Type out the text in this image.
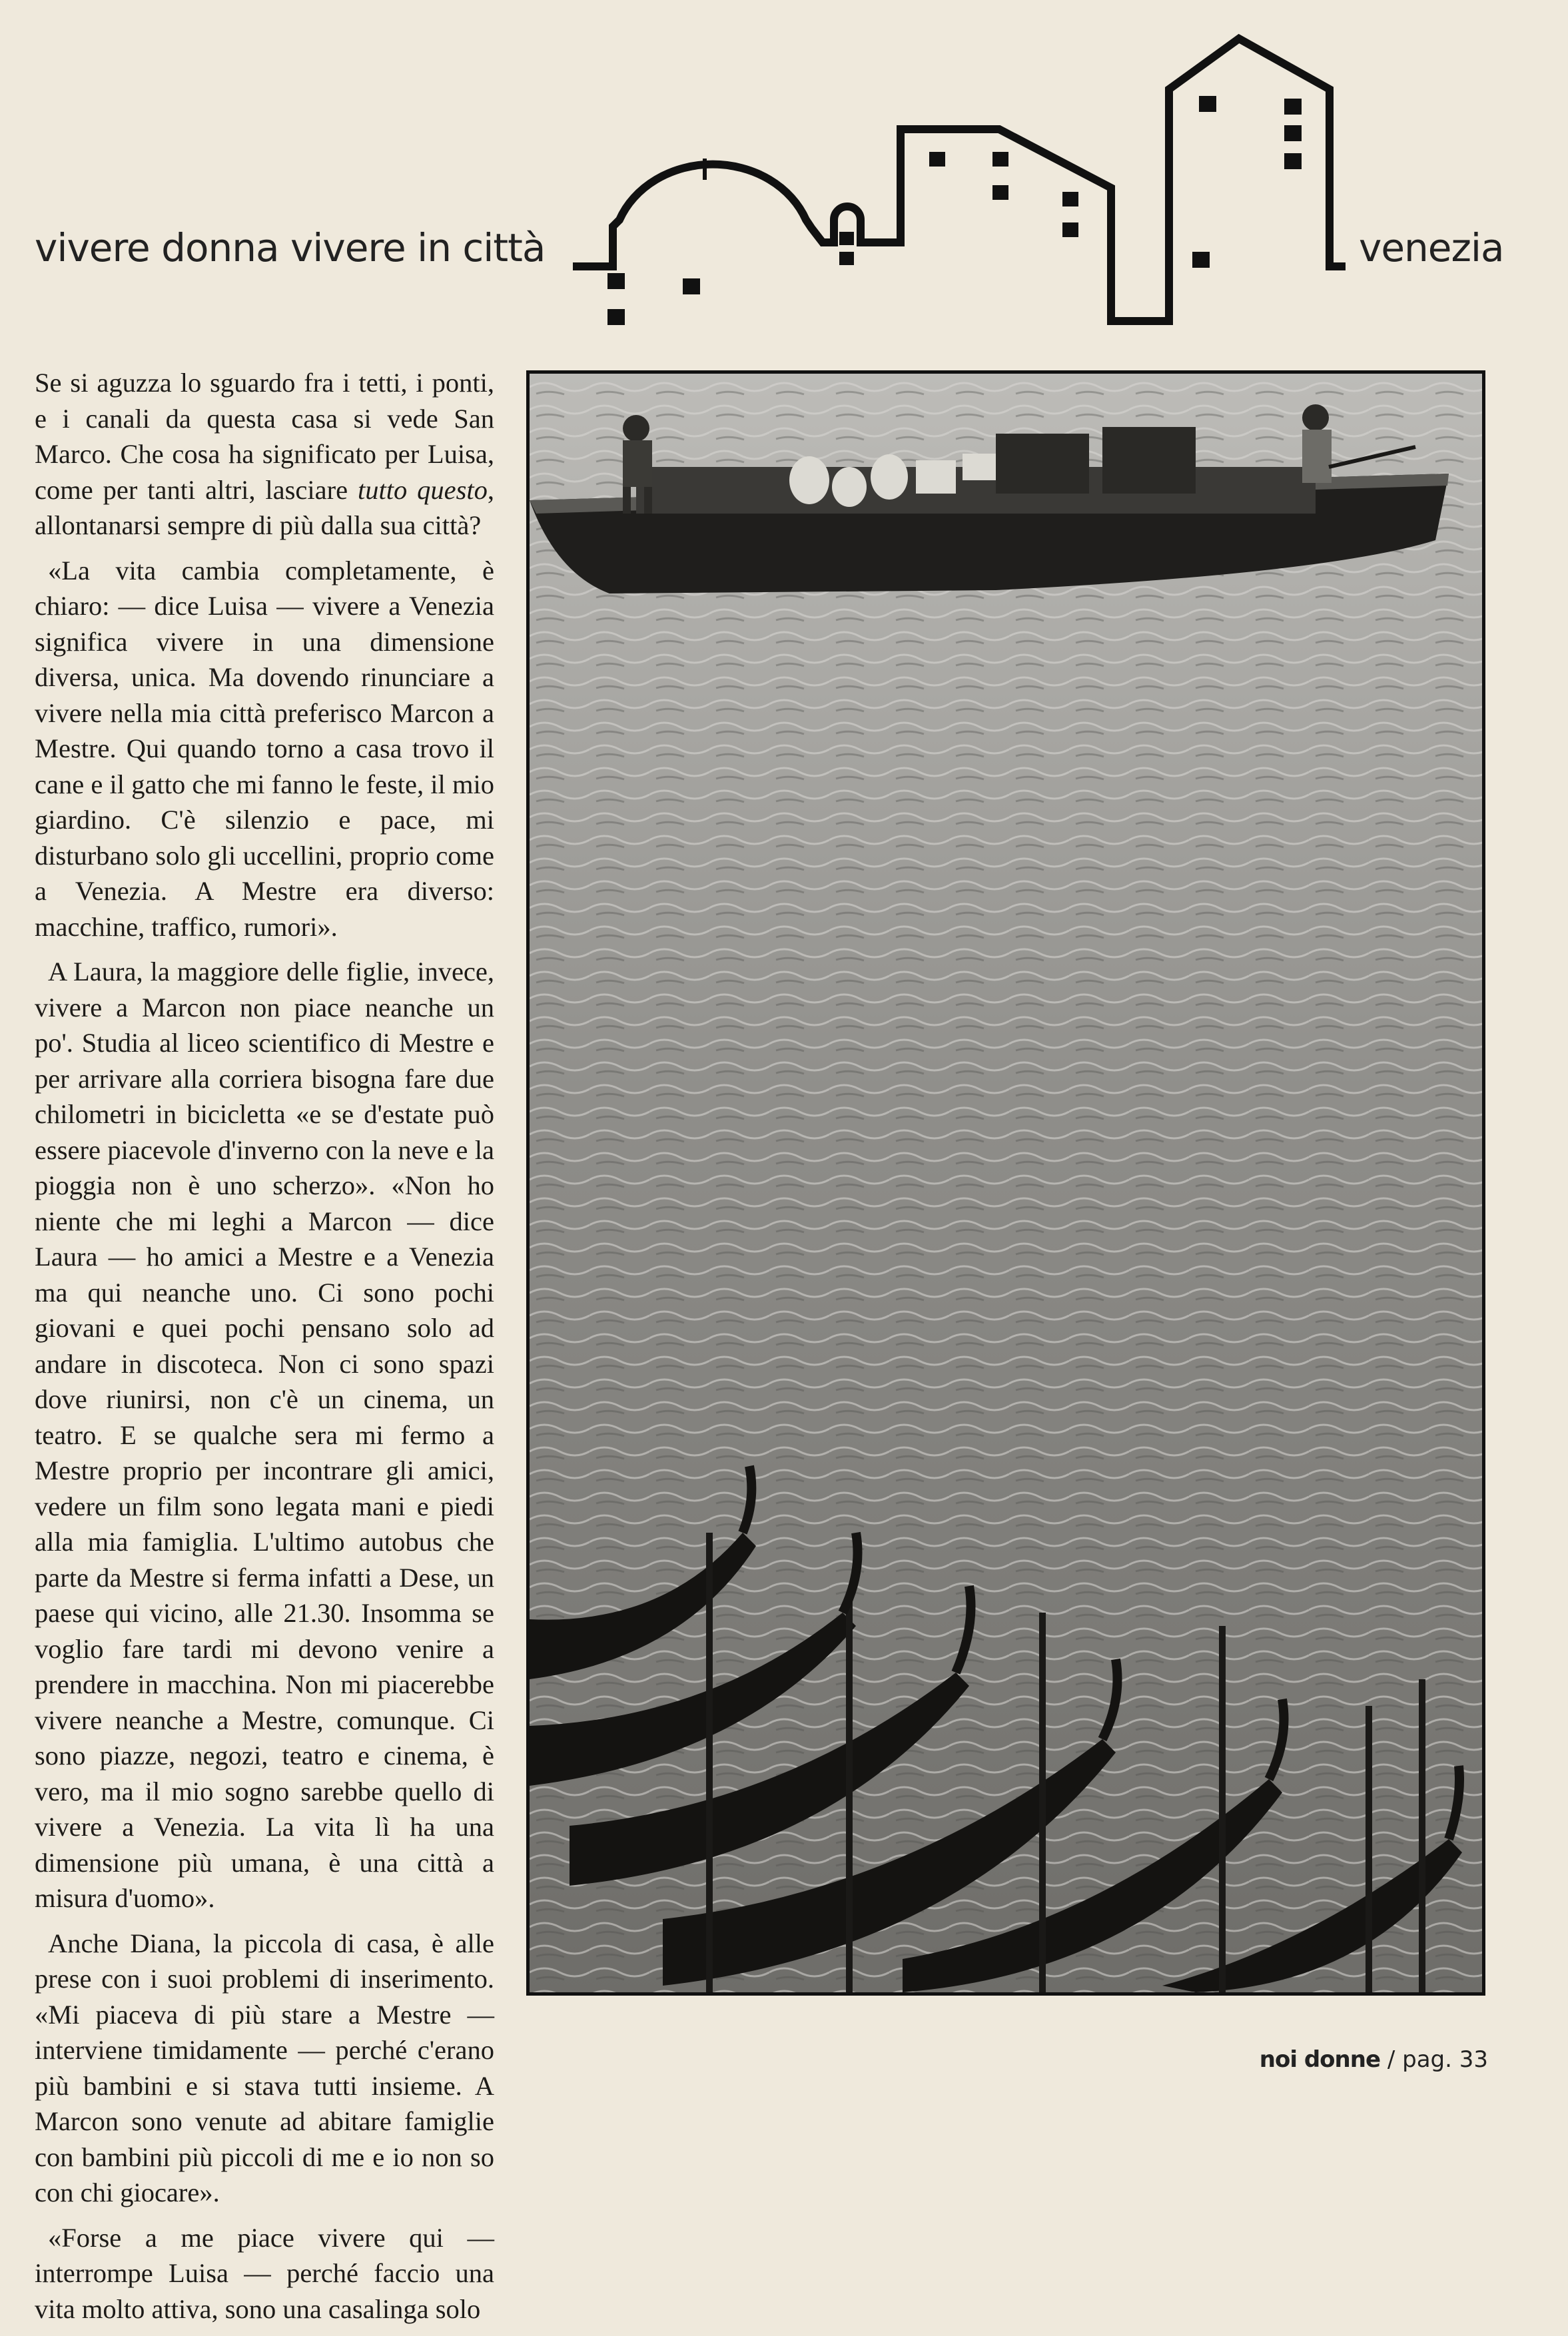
vivere donna vivere in città	venezia

Se si aguzza lo sguardo fra i tetti, i ponti, e i canali da questa casa si vede San Marco. Che cosa ha significato per Luisa, come per tanti altri, lasciare tutto questo, allontanarsi sempre di più dalla sua città?

«La vita cambia completamente, è chiaro: — dice Luisa — vivere a Venezia significa vivere in una dimensione diversa, unica. Ma dovendo rinunciare a vivere nella mia città preferisco Marcon a Mestre. Qui quando torno a casa trovo il cane e il gatto che mi fanno le feste, il mio giardino. C'è silenzio e pace, mi disturbano solo gli uccellini, proprio come a Venezia. A Mestre era diverso: macchine, traffico, rumori».

A Laura, la maggiore delle figlie, invece, vivere a Marcon non piace neanche un po'. Studia al liceo scientifico di Mestre e per arrivare alla corriera bisogna fare due chilometri in bicicletta «e se d'estate può essere piacevole d'inverno con la neve e la pioggia non è uno scherzo». «Non ho niente che mi leghi a Marcon — dice Laura — ho amici a Mestre e a Venezia ma qui neanche uno. Ci sono pochi giovani e quei pochi pensano solo ad andare in discoteca. Non ci sono spazi dove riunirsi, non c'è un cinema, un teatro. E se qualche sera mi fermo a Mestre proprio per incontrare gli amici, vedere un film sono legata mani e piedi alla mia famiglia. L'ultimo autobus che parte da Mestre si ferma infatti a Dese, un paese qui vicino, alle 21.30. Insomma se voglio fare tardi mi devono venire a prendere in macchina. Non mi piacerebbe vivere neanche a Mestre, comunque. Ci sono piazze, negozi, teatro e cinema, è vero, ma il mio sogno sarebbe quello di vivere a Venezia. La vita lì ha una dimensione più umana, è una città a misura d'uomo».

Anche Diana, la piccola di casa, è alle prese con i suoi problemi di inserimento. «Mi piaceva di più stare a Mestre — interviene timidamente — perché c'erano più bambini e si stava tutti insieme. A Marcon sono venute ad abitare famiglie con bambini più piccoli di me e io non so con chi giocare».

«Forse a me piace vivere qui — interrompe Luisa — perché faccio una vita molto attiva, sono una casalinga solo

noi donne / pag. 33
